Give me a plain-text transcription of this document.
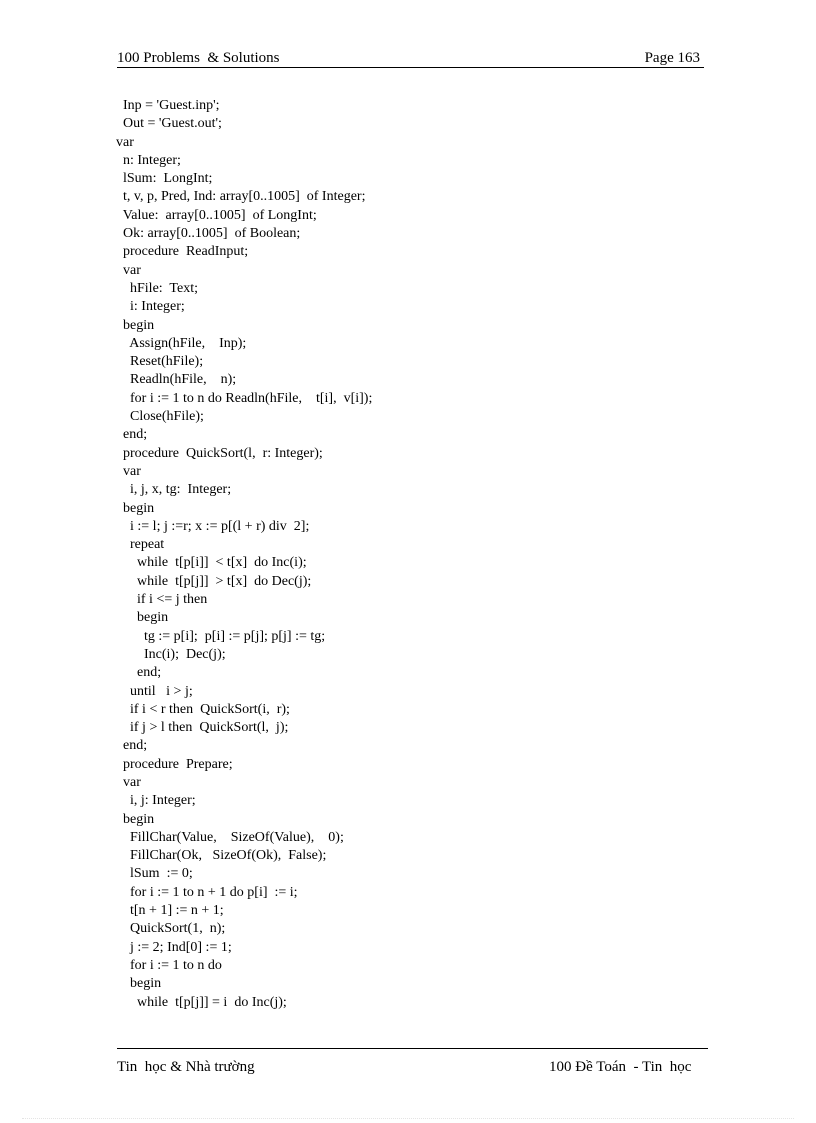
100 Problems  & Solutions	Page 163
Inp = 'Guest.inp';
Out = 'Guest.out';
var
n: Integer;
lSum:  LongInt;
t, v, p, Pred, Ind: array[0..1005]  of Integer;
Value:  array[0..1005]  of LongInt;
Ok: array[0..1005]  of Boolean;
procedure  ReadInput;
var
hFile:  Text;
i: Integer;
begin
Assign(hFile,    Inp);
Reset(hFile);
Readln(hFile,    n);
for i := 1 to n do Readln(hFile,    t[i],  v[i]);
Close(hFile);
end;
procedure  QuickSort(l,  r: Integer);
var
i, j, x, tg:  Integer;
begin
i := l; j :=r; x := p[(l + r) div  2];
repeat
while  t[p[i]]  < t[x]  do Inc(i);
while  t[p[j]]  > t[x]  do Dec(j);
if i <= j then
begin
tg := p[i];  p[i] := p[j]; p[j] := tg;
Inc(i);  Dec(j);
end;
until   i > j;
if i < r then  QuickSort(i,  r);
if j > l then  QuickSort(l,  j);
end;
procedure  Prepare;
var
i, j: Integer;
begin
FillChar(Value,    SizeOf(Value),    0);
FillChar(Ok,   SizeOf(Ok),  False);
lSum  := 0;
for i := 1 to n + 1 do p[i]  := i;
t[n + 1] := n + 1;
QuickSort(1,  n);
j := 2; Ind[0] := 1;
for i := 1 to n do
begin
while  t[p[j]] = i  do Inc(j);
Tin  học & Nhà trường	100 Đề Toán  - Tin  học
